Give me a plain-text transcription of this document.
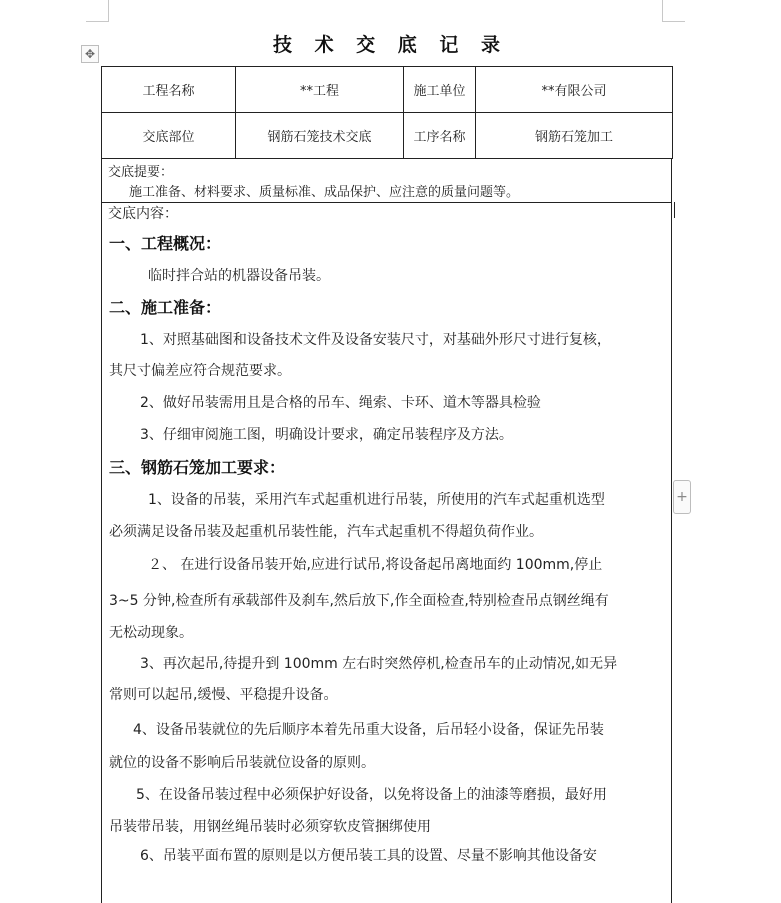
✥	技 术 交 底 记 录
工程名称	**工程	施工单位	**有限公司
交底部位	钢筋石笼技术交底	工序名称	钢筋石笼加工
交底提要：
施工准备、材料要求、质量标准、成品保护、应注意的质量问题等。
交底内容：
一、工程概况：
临时拌合站的机器设备吊装。
二、施工准备：
1、对照基础图和设备技术文件及设备安装尺寸，对基础外形尺寸进行复核，
其尺寸偏差应符合规范要求。
2、做好吊装需用且是合格的吊车、绳索、卡环、道木等器具检验
3、仔细审阅施工图，明确设计要求，确定吊装程序及方法。
三、钢筋石笼加工要求：
1、设备的吊装，采用汽车式起重机进行吊装，所使用的汽车式起重机选型
必须满足设备吊装及起重机吊装性能，汽车式起重机不得超负荷作业。
２、 在进行设备吊装开始,应进行试吊,将设备起吊离地面约 100mm,停止
3~5 分钟,检查所有承载部件及刹车,然后放下,作全面检查,特别检查吊点钢丝绳有
无松动现象。
3、再次起吊,待提升到 100mm 左右时突然停机,检查吊车的止动情况,如无异
常则可以起吊,缓慢、平稳提升设备。
4、设备吊装就位的先后顺序本着先吊重大设备，后吊轻小设备，保证先吊装
就位的设备不影响后吊装就位设备的原则。
5、在设备吊装过程中必须保护好设备，以免将设备上的油漆等磨损，最好用
吊装带吊装，用钢丝绳吊装时必须穿软皮管捆绑使用
6、吊装平面布置的原则是以方便吊装工具的设置、尽量不影响其他设备安
+
